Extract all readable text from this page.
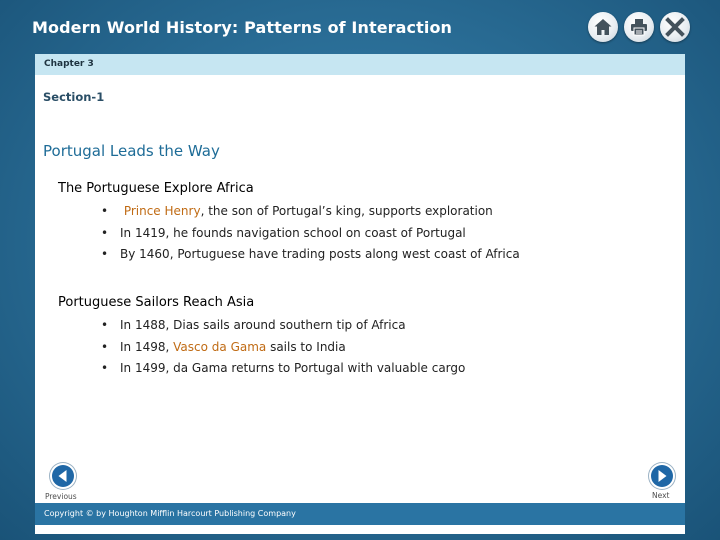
Modern World History: Patterns of Interaction
Chapter 3
Section-1
Portugal Leads the Way
The Portuguese Explore Africa
• Prince Henry, the son of Portugal’s king, supports exploration
• In 1419, he founds navigation school on coast of Portugal
• By 1460, Portuguese have trading posts along west coast of Africa
Portuguese Sailors Reach Asia
• In 1488, Dias sails around southern tip of Africa
• In 1498, Vasco da Gama sails to India
• In 1499, da Gama returns to Portugal with valuable cargo
Previous	Next
Copyright © by Houghton Mifflin Harcourt Publishing Company
